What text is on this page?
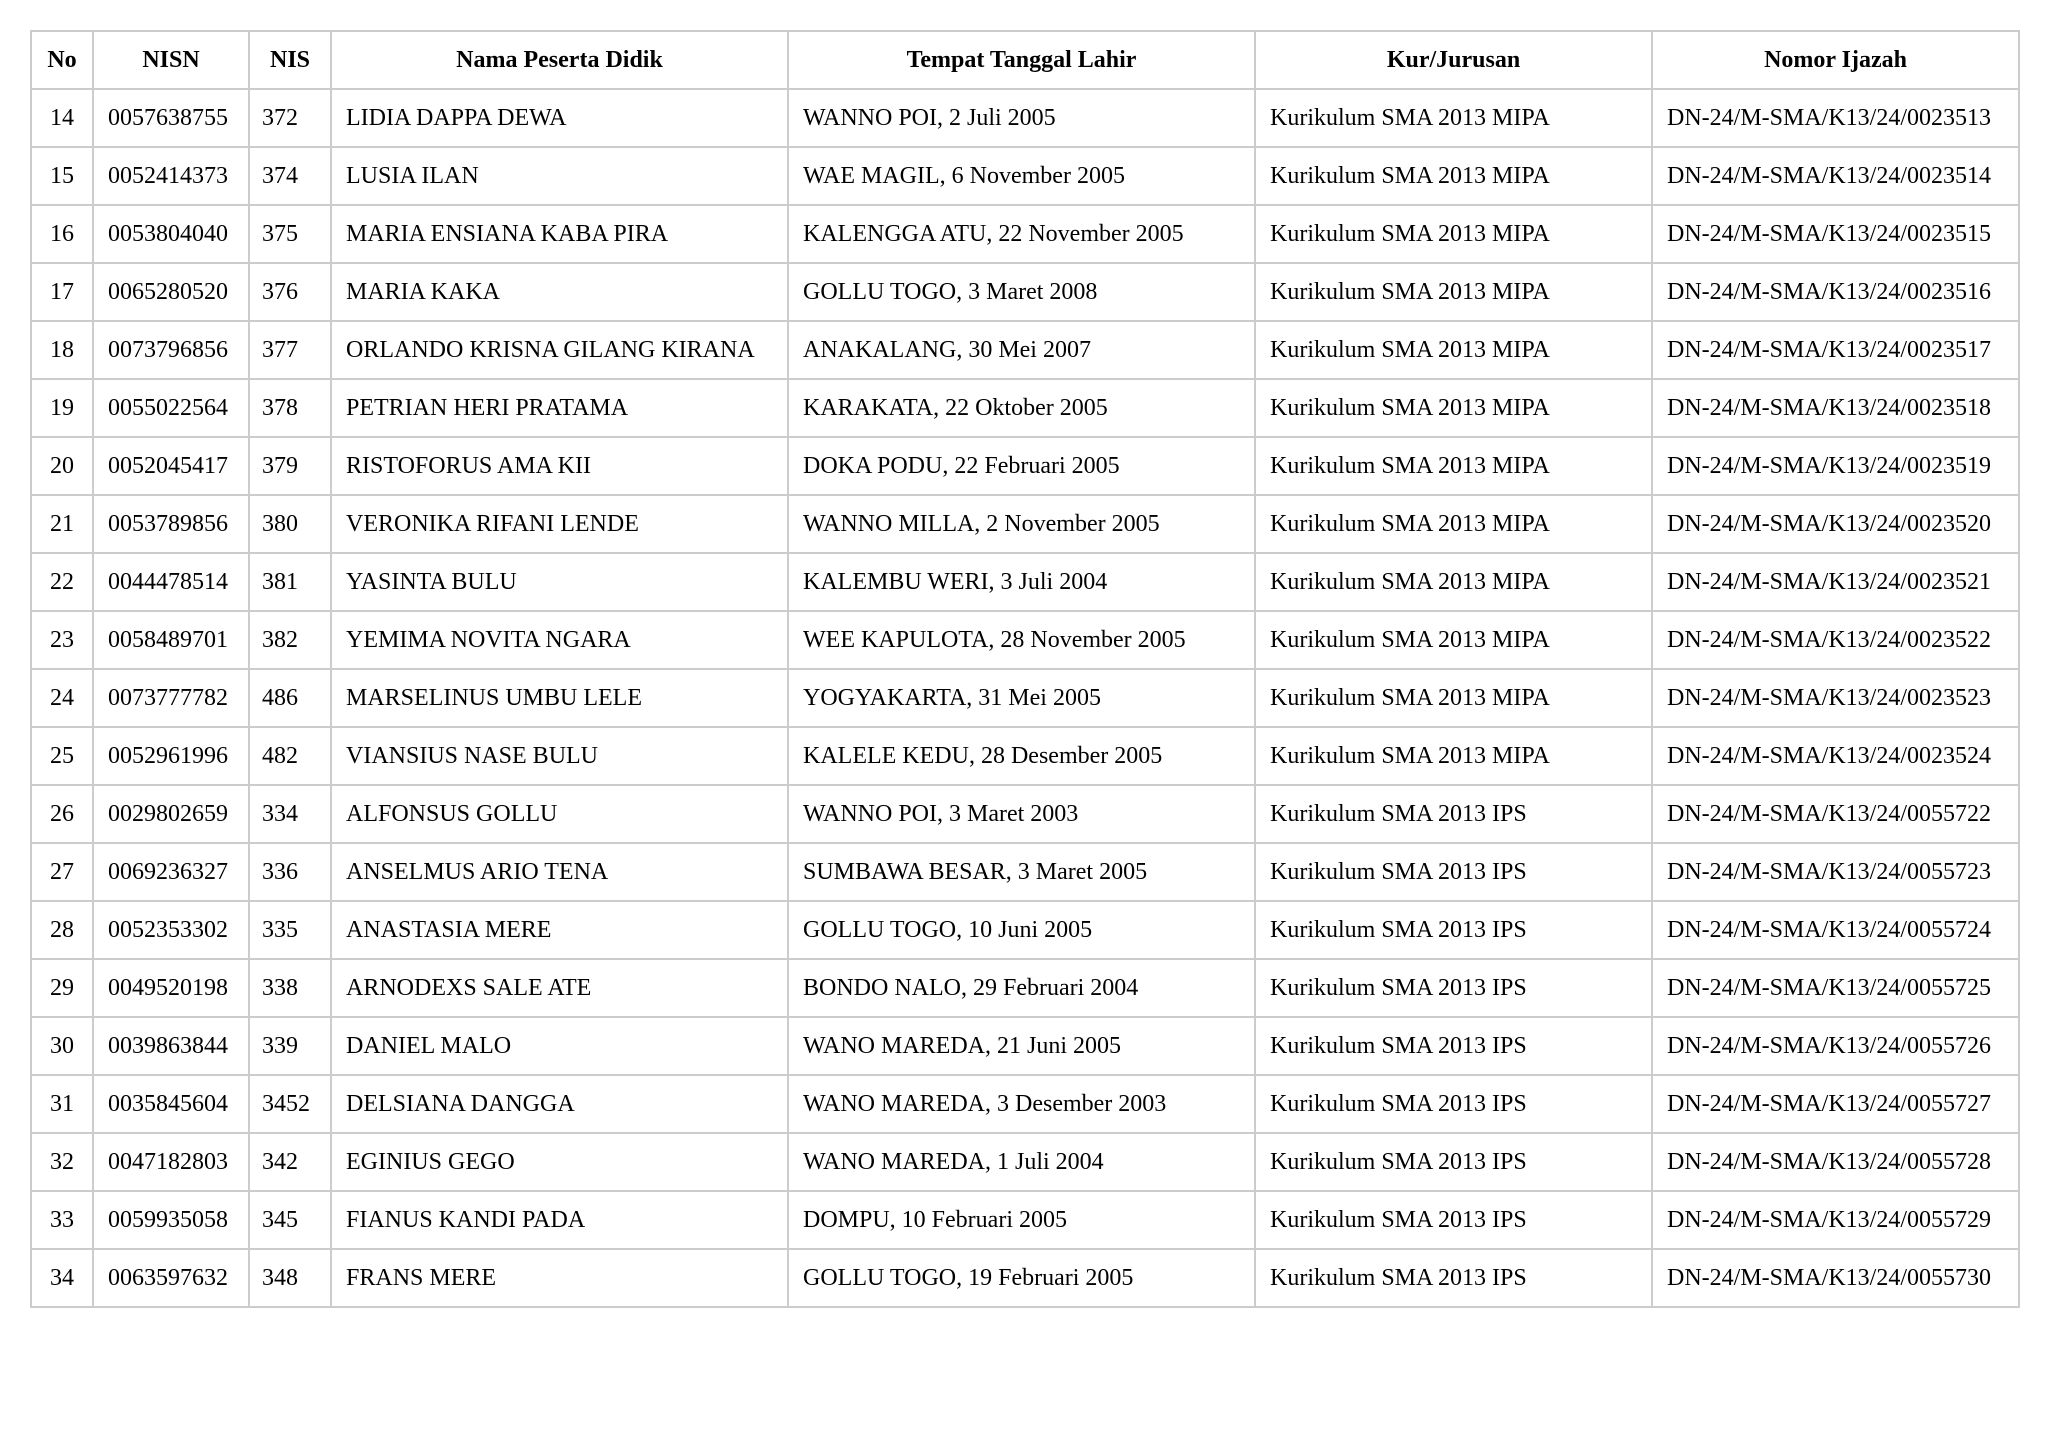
No	NISN	NIS	Nama Peserta Didik	Tempat Tanggal Lahir	Kur/Jurusan	Nomor Ijazah
14	0057638755	372	LIDIA DAPPA DEWA	WANNO POI, 2 Juli 2005	Kurikulum SMA 2013 MIPA	DN-24/M-SMA/K13/24/0023513
15	0052414373	374	LUSIA ILAN	WAE MAGIL, 6 November 2005	Kurikulum SMA 2013 MIPA	DN-24/M-SMA/K13/24/0023514
16	0053804040	375	MARIA ENSIANA KABA PIRA	KALENGGA ATU, 22 November 2005	Kurikulum SMA 2013 MIPA	DN-24/M-SMA/K13/24/0023515
17	0065280520	376	MARIA KAKA	GOLLU TOGO, 3 Maret 2008	Kurikulum SMA 2013 MIPA	DN-24/M-SMA/K13/24/0023516
18	0073796856	377	ORLANDO KRISNA GILANG KIRANA	ANAKALANG, 30 Mei 2007	Kurikulum SMA 2013 MIPA	DN-24/M-SMA/K13/24/0023517
19	0055022564	378	PETRIAN HERI PRATAMA	KARAKATA, 22 Oktober 2005	Kurikulum SMA 2013 MIPA	DN-24/M-SMA/K13/24/0023518
20	0052045417	379	RISTOFORUS AMA KII	DOKA PODU, 22 Februari 2005	Kurikulum SMA 2013 MIPA	DN-24/M-SMA/K13/24/0023519
21	0053789856	380	VERONIKA RIFANI LENDE	WANNO MILLA, 2 November 2005	Kurikulum SMA 2013 MIPA	DN-24/M-SMA/K13/24/0023520
22	0044478514	381	YASINTA BULU	KALEMBU WERI, 3 Juli 2004	Kurikulum SMA 2013 MIPA	DN-24/M-SMA/K13/24/0023521
23	0058489701	382	YEMIMA NOVITA NGARA	WEE KAPULOTA, 28 November 2005	Kurikulum SMA 2013 MIPA	DN-24/M-SMA/K13/24/0023522
24	0073777782	486	MARSELINUS UMBU LELE	YOGYAKARTA, 31 Mei 2005	Kurikulum SMA 2013 MIPA	DN-24/M-SMA/K13/24/0023523
25	0052961996	482	VIANSIUS NASE BULU	KALELE KEDU, 28 Desember 2005	Kurikulum SMA 2013 MIPA	DN-24/M-SMA/K13/24/0023524
26	0029802659	334	ALFONSUS GOLLU	WANNO POI, 3 Maret 2003	Kurikulum SMA 2013 IPS	DN-24/M-SMA/K13/24/0055722
27	0069236327	336	ANSELMUS ARIO TENA	SUMBAWA BESAR, 3 Maret 2005	Kurikulum SMA 2013 IPS	DN-24/M-SMA/K13/24/0055723
28	0052353302	335	ANASTASIA MERE	GOLLU TOGO, 10 Juni 2005	Kurikulum SMA 2013 IPS	DN-24/M-SMA/K13/24/0055724
29	0049520198	338	ARNODEXS SALE ATE	BONDO NALO, 29 Februari 2004	Kurikulum SMA 2013 IPS	DN-24/M-SMA/K13/24/0055725
30	0039863844	339	DANIEL MALO	WANO MAREDA, 21 Juni 2005	Kurikulum SMA 2013 IPS	DN-24/M-SMA/K13/24/0055726
31	0035845604	3452	DELSIANA DANGGA	WANO MAREDA, 3 Desember 2003	Kurikulum SMA 2013 IPS	DN-24/M-SMA/K13/24/0055727
32	0047182803	342	EGINIUS GEGO	WANO MAREDA, 1 Juli 2004	Kurikulum SMA 2013 IPS	DN-24/M-SMA/K13/24/0055728
33	0059935058	345	FIANUS KANDI PADA	DOMPU, 10 Februari 2005	Kurikulum SMA 2013 IPS	DN-24/M-SMA/K13/24/0055729
34	0063597632	348	FRANS MERE	GOLLU TOGO, 19 Februari 2005	Kurikulum SMA 2013 IPS	DN-24/M-SMA/K13/24/0055730
